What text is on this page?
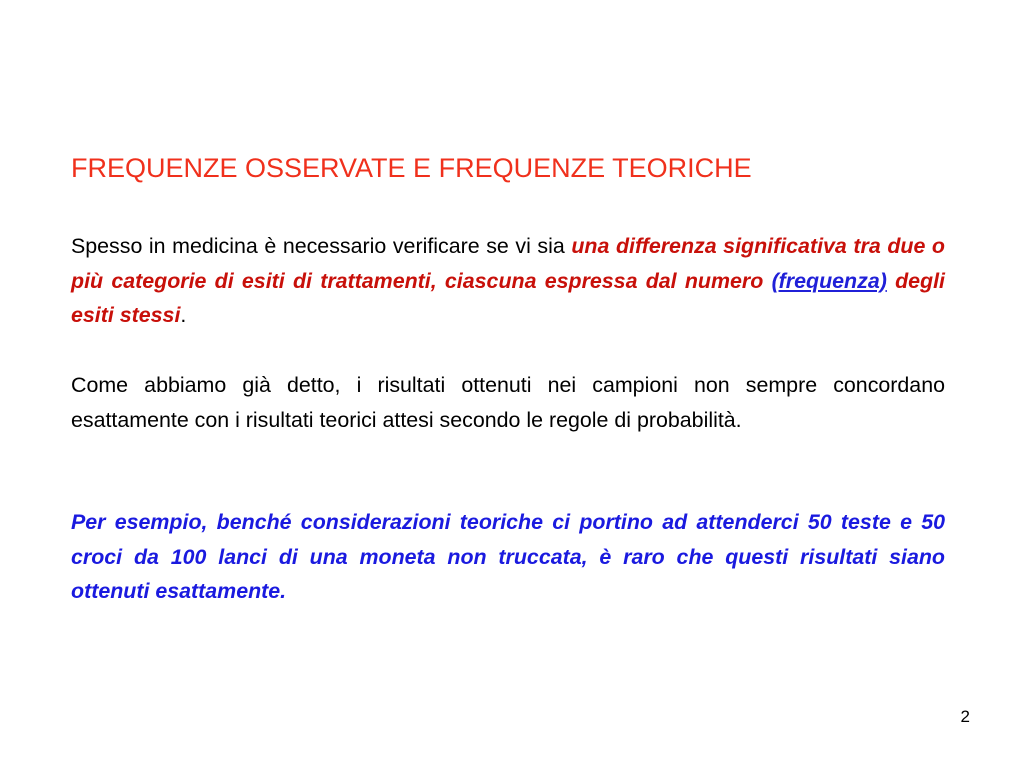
FREQUENZE OSSERVATE E FREQUENZE TEORICHE
Spesso in medicina è necessario verificare se vi sia una differenza significativa tra due o più categorie di esiti di trattamenti, ciascuna espressa dal numero (frequenza) degli esiti stessi.
Come abbiamo già detto, i risultati ottenuti nei campioni non sempre concordano esattamente con i risultati teorici attesi secondo le regole di probabilità.
Per esempio, benché considerazioni teoriche ci portino ad attenderci 50 teste e 50 croci da 100 lanci di una moneta non truccata, è raro che questi risultati siano ottenuti esattamente.
2
